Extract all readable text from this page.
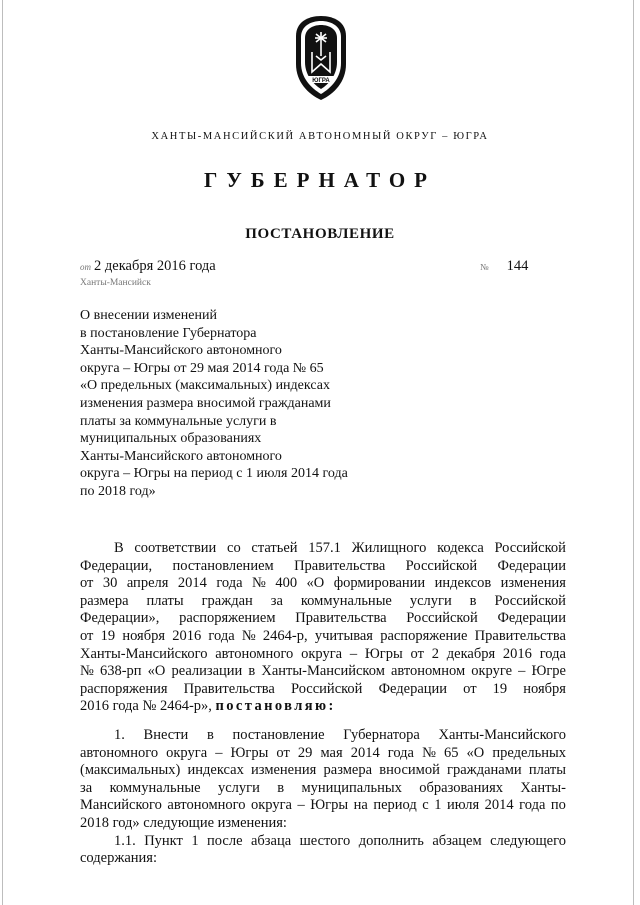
ЮГРА
ХАНТЫ-МАНСИЙСКИЙ АВТОНОМНЫЙ ОКРУГ – ЮГРА
ГУБЕРНАТОР
ПОСТАНОВЛЕНИЕ
от 2 декабря 2016 года	№ 144
Ханты-Мансийск
О внесении изменений
в постановление Губернатора
Ханты-Мансийского автономного
округа – Югры от 29 мая 2014 года № 65
«О предельных (максимальных) индексах
изменения размера вносимой гражданами
платы за коммунальные услуги в
муниципальных образованиях
Ханты-Мансийского автономного
округа – Югры на период с 1 июля 2014 года
по 2018 год»
В соответствии со статьей 157.1 Жилищного кодекса Российской
Федерации, постановлением Правительства Российской Федерации
от 30 апреля 2014 года № 400 «О формировании индексов изменения
размера платы граждан за коммунальные услуги в Российской
Федерации», распоряжением Правительства Российской Федерации
от 19 ноября 2016 года № 2464-р, учитывая распоряжение Правительства
Ханты-Мансийского автономного округа – Югры от 2 декабря 2016 года
№ 638-рп «О реализации в Ханты-Мансийском автономном округе – Югре
распоряжения Правительства Российской Федерации от 19 ноября
2016 года № 2464-р», постановляю:
1. Внести в постановление Губернатора Ханты-Мансийского
автономного округа – Югры от 29 мая 2014 года № 65 «О предельных
(максимальных) индексах изменения размера вносимой гражданами платы
за коммунальные услуги в муниципальных образованиях Ханты-
Мансийского автономного округа – Югры на период с 1 июля 2014 года по
2018 год» следующие изменения:
1.1. Пункт 1 после абзаца шестого дополнить абзацем следующего
содержания:
